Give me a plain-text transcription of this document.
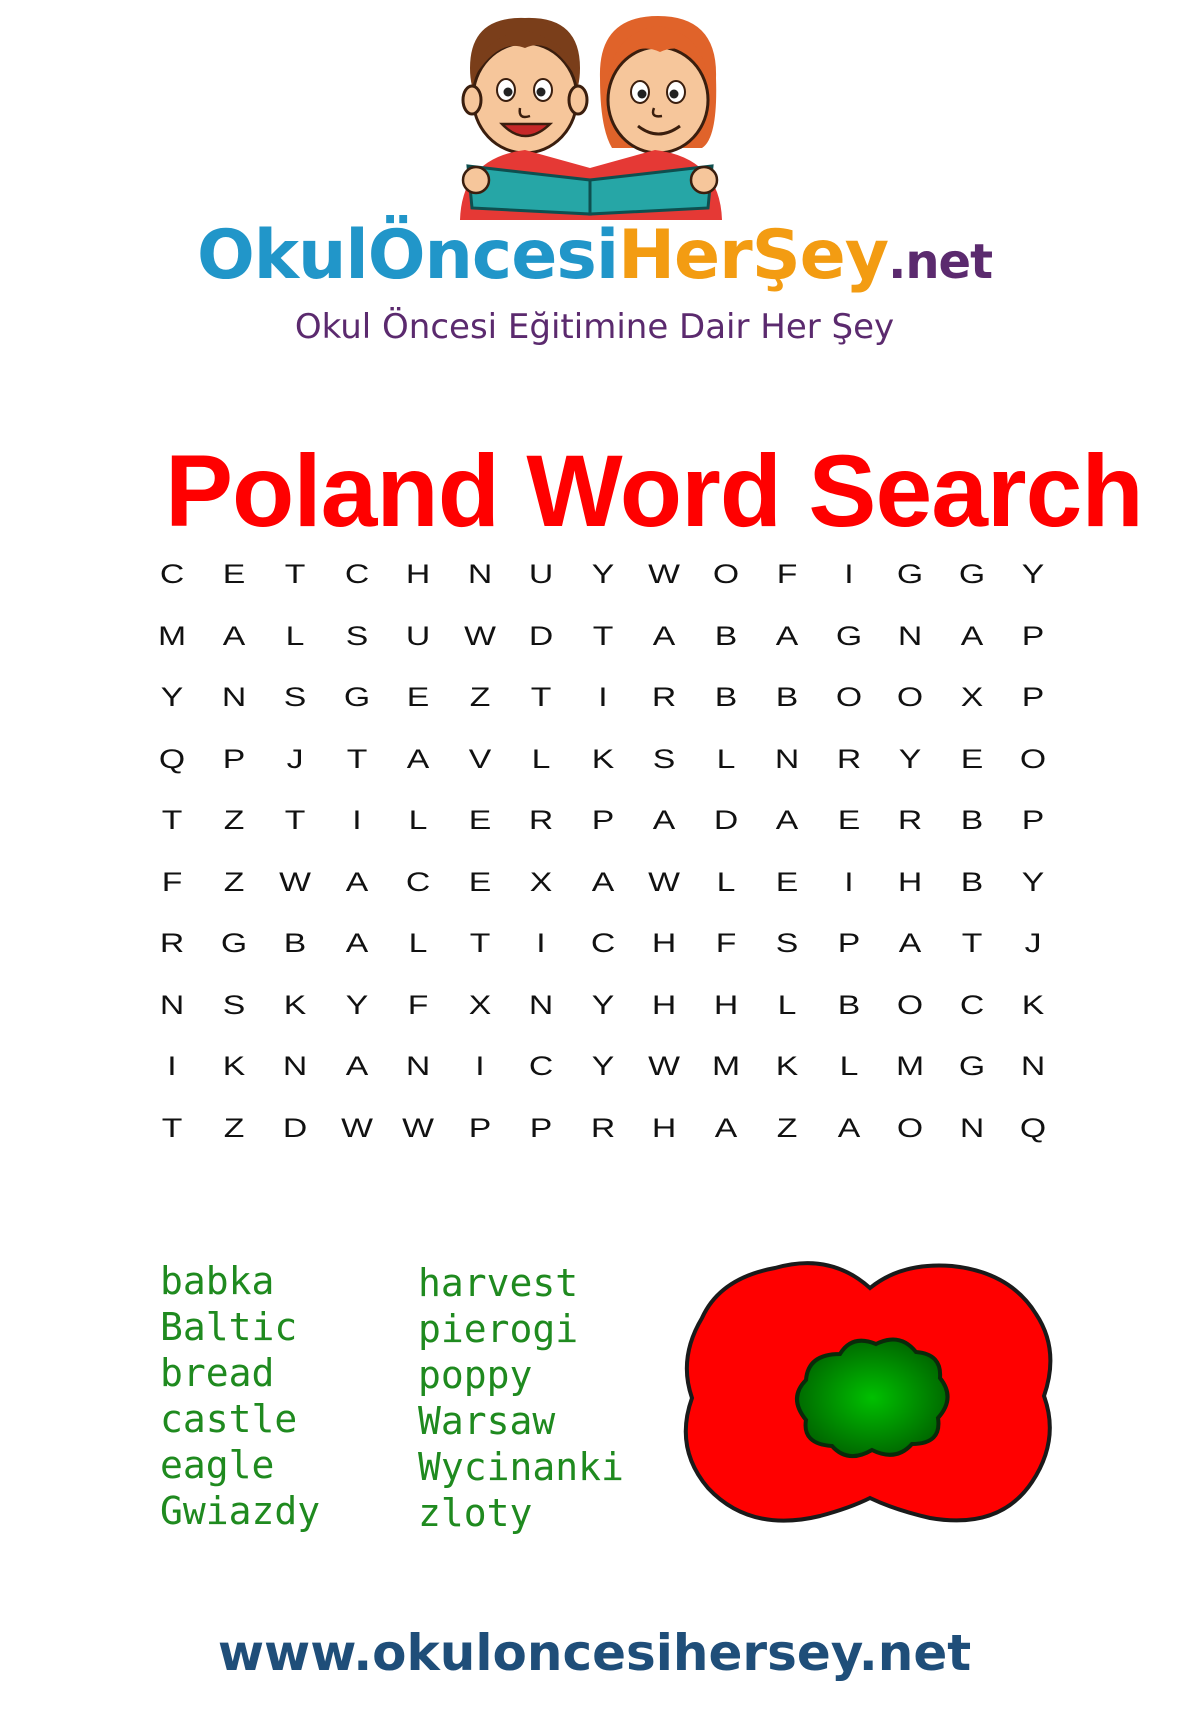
OkulÖncesiHerŞey.net
Okul Öncesi Eğitimine Dair Her Şey
Poland Word Search
C	E	T	C	H	N	U	Y	W	O	F	I	G	G	Y
M	A	L	S	U	W	D	T	A	B	A	G	N	A	P
Y	N	S	G	E	Z	T	I	R	B	B	O	O	X	P
Q	P	J	T	A	V	L	K	S	L	N	R	Y	E	O
T	Z	T	I	L	E	R	P	A	D	A	E	R	B	P
F	Z	W	A	C	E	X	A	W	L	E	I	H	B	Y
R	G	B	A	L	T	I	C	H	F	S	P	A	T	J
N	S	K	Y	F	X	N	Y	H	H	L	B	O	C	K
I	K	N	A	N	I	C	Y	W	M	K	L	M	G	N
T	Z	D	W	W	P	P	R	H	A	Z	A	O	N	Q
babka
Baltic
bread
castle
eagle
Gwiazdy
harvest
pierogi
poppy
Warsaw
Wycinanki
zloty
www.okuloncesihersey.net
